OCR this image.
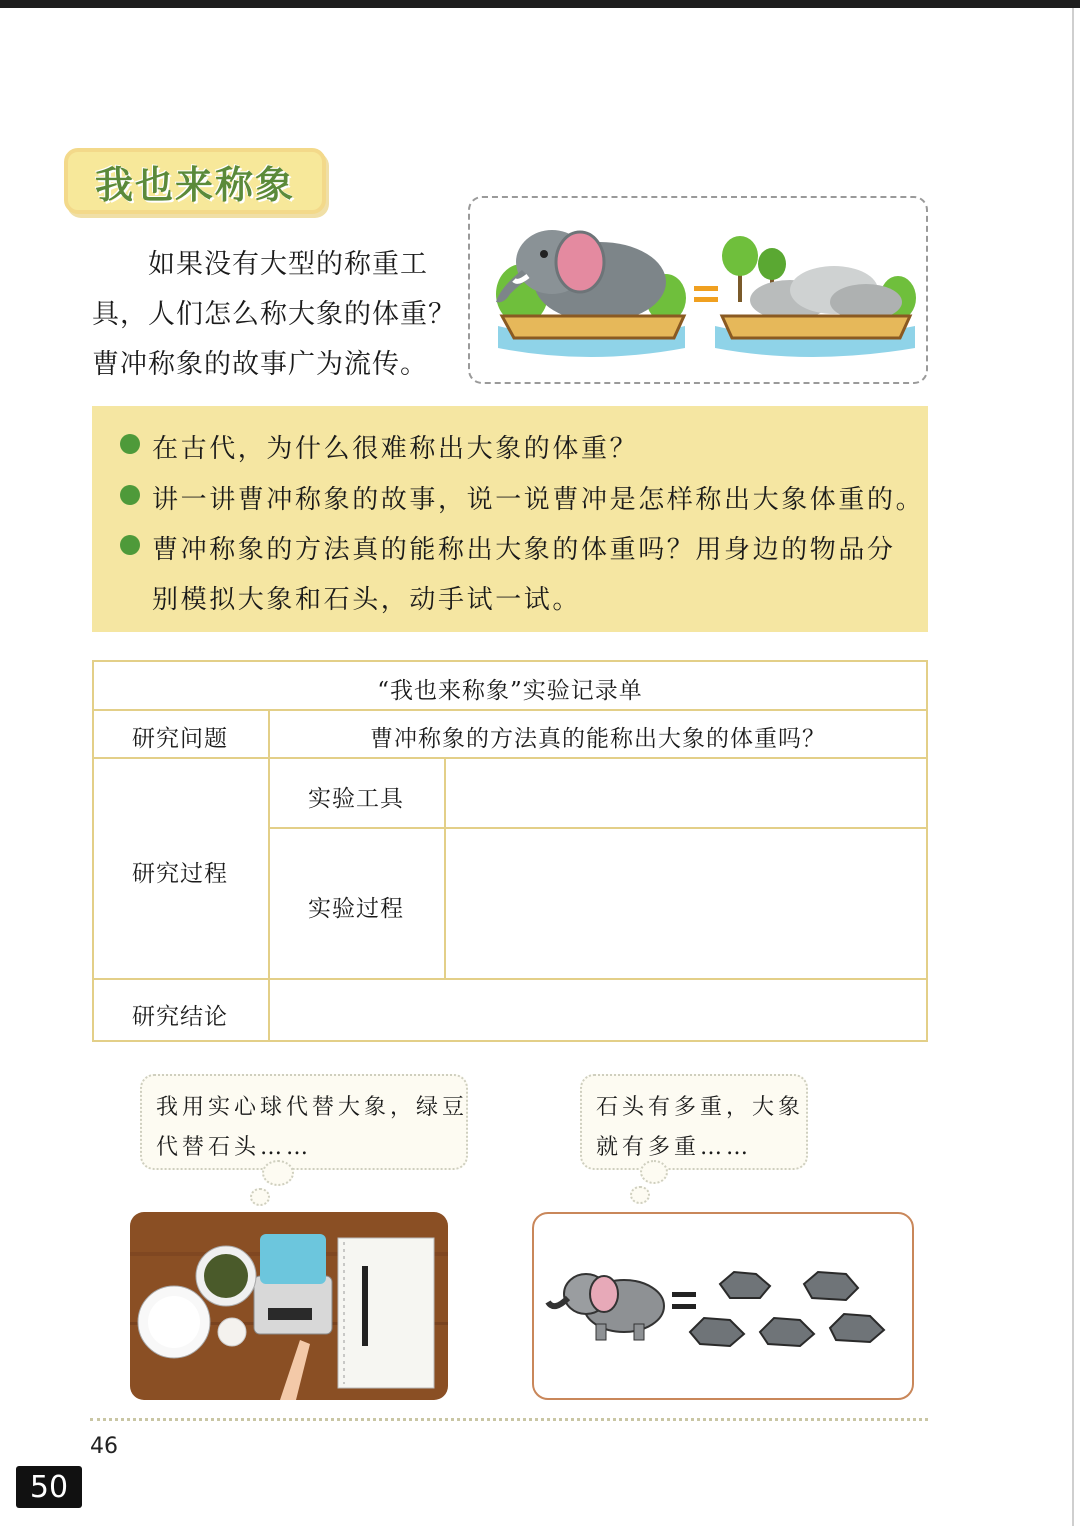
我也来称象

如果没有大型的称重工

具，人们怎么称大象的体重？
曹冲称象的故事广为流传。
在古代，为什么很难称出大象的体重？
讲一讲曹冲称象的故事，说一说曹冲是怎样称出大象体重的。
曹冲称象的方法真的能称出大象的体重吗？用身边的物品分
别模拟大象和石头，动手试一试。
“我也来称象”实验记录单
研究问题	曹冲称象的方法真的能称出大象的体重吗？
研究过程
实验工具
实验过程
研究结论
我用实心球代替大象，绿豆
代替石头……
石头有多重，大象
就有多重……
46
50
